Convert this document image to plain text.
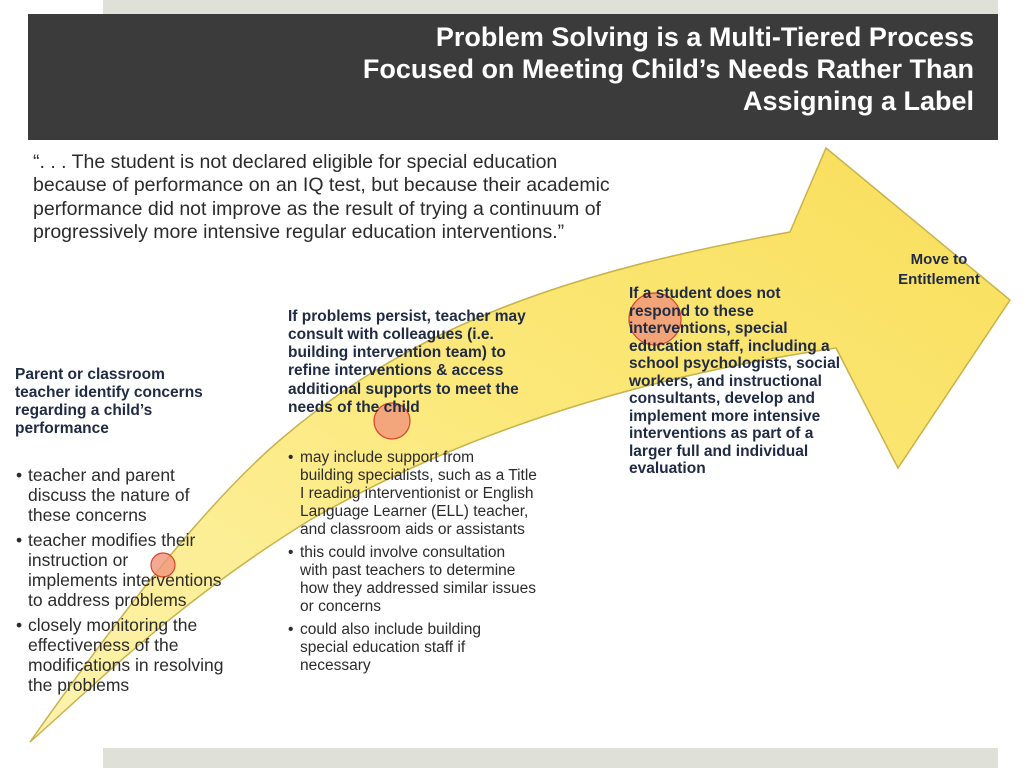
Problem Solving is a Multi-Tiered Process
Focused on Meeting Child’s Needs Rather Than
Assigning a Label
“. . . The student is not declared eligible for special education
because of performance on an IQ test, but because their academic
performance did not improve as the result of trying a continuum of
progressively more intensive regular education interventions.”
Parent or classroom
teacher identify concerns
regarding a child’s
performance
• teacher and parent
discuss the nature of
these concerns
• teacher modifies their
instruction or
implements interventions
to address problems
• closely monitoring the
effectiveness of the
modifications in resolving
the problems
If problems persist, teacher may
consult with colleagues (i.e.
building intervention team) to
refine interventions & access
additional supports to meet the
needs of the child
• may include support from
building specialists, such as a Title
I reading interventionist or English
Language Learner (ELL) teacher,
and classroom aids or assistants
• this could involve consultation
with past teachers to determine
how they addressed similar issues
or concerns
• could also include building
special education staff if
necessary
If a student does not
respond to these
interventions, special
education staff, including a
school psychologists, social
workers, and instructional
consultants, develop and
implement more intensive
interventions as part of a
larger full and individual
evaluation
Move to
Entitlement
